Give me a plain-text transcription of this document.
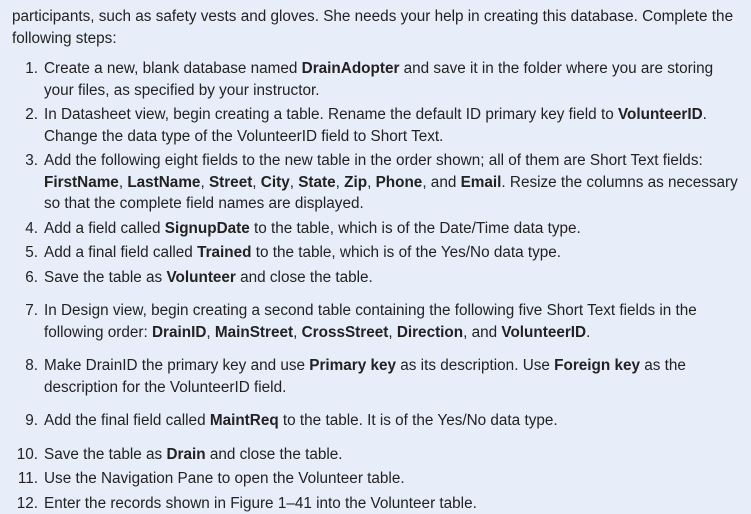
participants, such as safety vests and gloves. She needs your help in creating this database. Complete the following steps:

1. Create a new, blank database named DrainAdopter and save it in the folder where you are storing your files, as specified by your instructor.
2. In Datasheet view, begin creating a table. Rename the default ID primary key field to VolunteerID. Change the data type of the VolunteerID field to Short Text.
3. Add the following eight fields to the new table in the order shown; all of them are Short Text fields: FirstName, LastName, Street, City, State, Zip, Phone, and Email. Resize the columns as necessary so that the complete field names are displayed.
4. Add a field called SignupDate to the table, which is of the Date/Time data type.
5. Add a final field called Trained to the table, which is of the Yes/No data type.
6. Save the table as Volunteer and close the table.
7. In Design view, begin creating a second table containing the following five Short Text fields in the following order: DrainID, MainStreet, CrossStreet, Direction, and VolunteerID.
8. Make DrainID the primary key and use Primary key as its description. Use Foreign key as the description for the VolunteerID field.
9. Add the final field called MaintReq to the table. It is of the Yes/No data type.
10. Save the table as Drain and close the table.
11. Use the Navigation Pane to open the Volunteer table.
12. Enter the records shown in Figure 1–41 into the Volunteer table.
